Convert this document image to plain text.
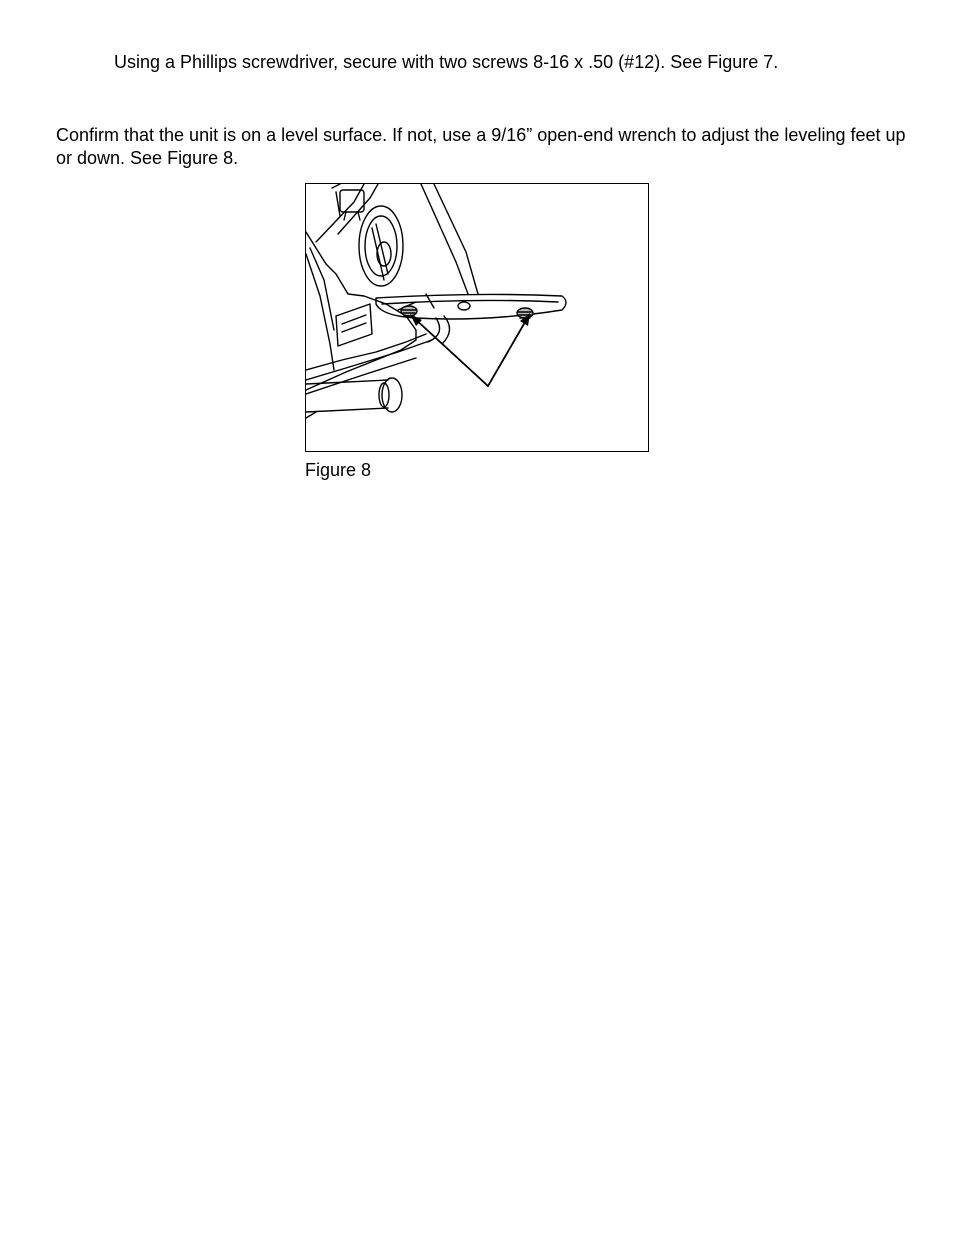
Using a Phillips screwdriver, secure with two screws 8-16 x .50 (#12). See Figure 7.

Confirm that the unit is on a level surface. If not, use a 9/16” open-end wrench to adjust the leveling feet up or down. See Figure 8.

Figure 8
